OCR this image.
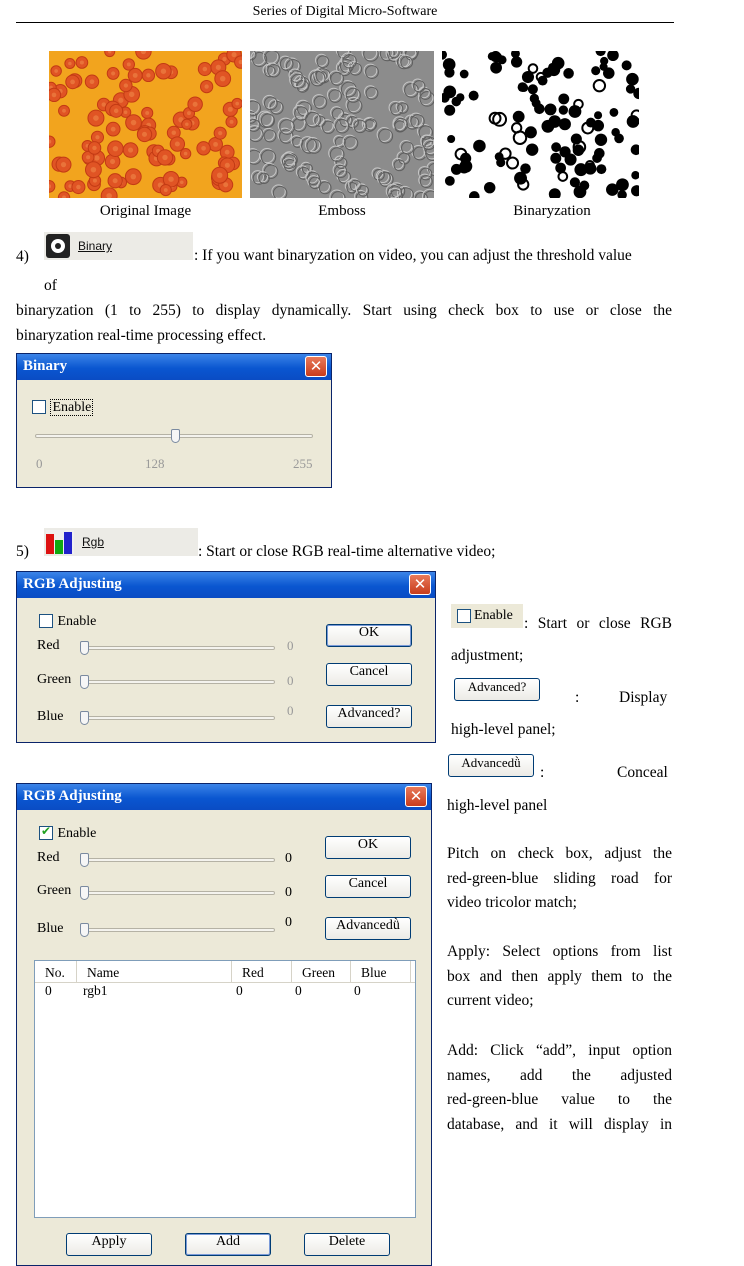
Series of Digital Micro-Software
Original Image	Emboss	Binaryzation
4)
Binary
: If you want binaryzation on video, you can adjust the threshold value
of
binaryzation (1 to 255) to display dynamically. Start using check box to use or close the
binaryzation real-time processing effect.
Binary	✕
Enable
0	128	255
5)
Rgb
: Start or close RGB real-time alternative video;
RGB Adjusting	✕
Enable
Red	0
Green	0
Blue	0
OK
Cancel
Advanced?
RGB Adjusting	✕
✔ Enable
Red	0
Green	0
Blue	0
OK
Cancel
Advancedǜ
No.	Name	Red	Green	Blue
0	rgb1	0	0	0
Apply	Add	Delete
Enable : Start or close RGB
adjustment;
Advanced?
:	Display
high-level panel;
Advancedǜ
:	Conceal
high-level panel
Pitch on check box, adjust the
red-green-blue sliding road for
video tricolor match;
Apply: Select options from list
box and then apply them to the
current video;
Add: Click “add”, input option
names, add the adjusted
red-green-blue value to the
database, and it will display in
